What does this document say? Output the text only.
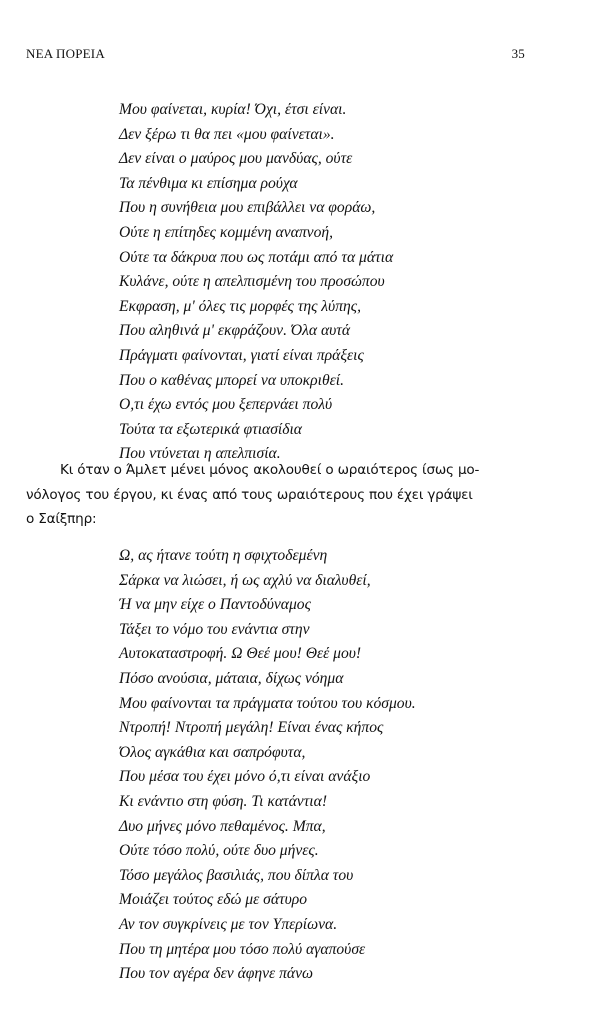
ΝΕΑ ΠΟΡΕΙΑ	35
Μου φαίνεται, κυρία! Όχι, έτσι είναι.
Δεν ξέρω τι θα πει «μου φαίνεται».
Δεν είναι ο μαύρος μου μανδύας, ούτε
Τα πένθιμα κι επίσημα ρούχα
Που η συνήθεια μου επιβάλλει να φοράω,
Ούτε η επίτηδες κομμένη αναπνοή,
Ούτε τα δάκρυα που ως ποτάμι από τα μάτια
Κυλάνε, ούτε η απελπισμένη του προσώπου
Εκφραση, μ' όλες τις μορφές της λύπης,
Που αληθινά μ' εκφράζουν. Όλα αυτά
Πράγματι φαίνονται, γιατί είναι πράξεις
Που ο καθένας μπορεί να υποκριθεί.
Ο,τι έχω εντός μου ξεπερνάει πολύ
Τούτα τα εξωτερικά φτιασίδια
Που ντύνεται η απελπισία.
Κι όταν ο Άμλετ μένει μόνος ακολουθεί ο ωραιότερος ίσως μο-
νόλογος του έργου, κι ένας από τους ωραιότερους που έχει γράψει
ο Σαίξπηρ:
Ω, ας ήτανε τούτη η σφιχτοδεμένη
Σάρκα να λιώσει, ή ως αχλύ να διαλυθεί,
Ή να μην είχε ο Παντοδύναμος
Τάξει το νόμο του ενάντια στην
Αυτοκαταστροφή. Ω Θεέ μου! Θεέ μου!
Πόσο ανούσια, μάταια, δίχως νόημα
Μου φαίνονται τα πράγματα τούτου του κόσμου.
Ντροπή! Ντροπή μεγάλη! Είναι ένας κήπος
Όλος αγκάθια και σαπρόφυτα,
Που μέσα του έχει μόνο ό,τι είναι ανάξιο
Κι ενάντιο στη φύση. Τι κατάντια!
Δυο μήνες μόνο πεθαμένος. Μπα,
Ούτε τόσο πολύ, ούτε δυο μήνες.
Τόσο μεγάλος βασιλιάς, που δίπλα του
Μοιάζει τούτος εδώ με σάτυρο
Αν τον συγκρίνεις με τον Υπερίωνα.
Που τη μητέρα μου τόσο πολύ αγαπούσε
Που τον αγέρα δεν άφηνε πάνω
